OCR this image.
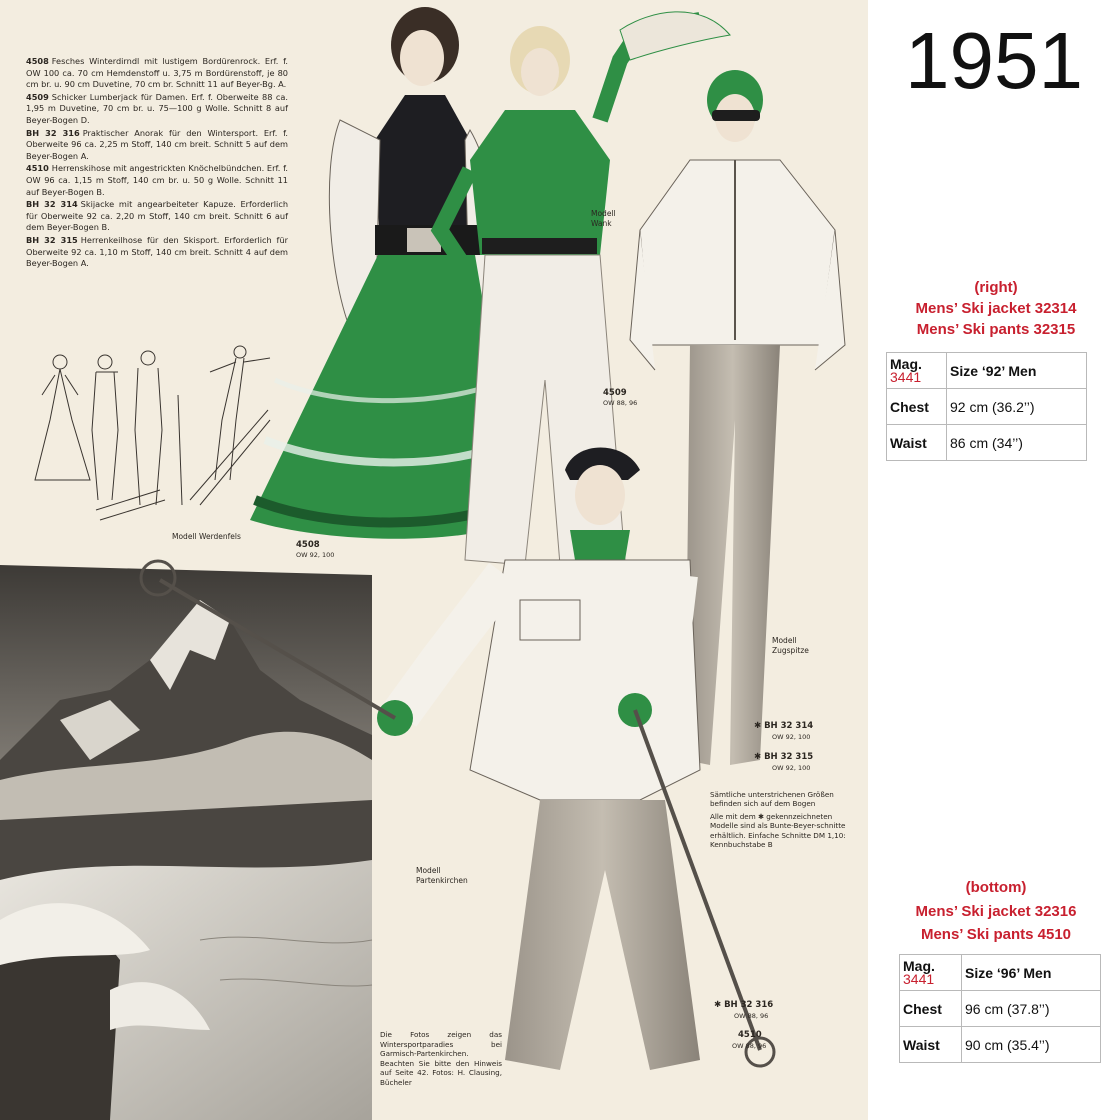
4508 Fesches Winterdirndl mit lustigem Bordürenrock. Erf. f. OW 100 ca. 70 cm Hemdenstoff u. 3,75 m Bordürenstoff, je 80 cm br. u. 90 cm Duvetine, 70 cm br. Schnitt 11 auf Beyer-Bg. A.
4509 Schicker Lumberjack für Damen. Erf. f. Oberweite 88 ca. 1,95 m Duvetine, 70 cm br. u. 75—100 g Wolle. Schnitt 8 auf Beyer-Bogen D.
BH 32 316 Praktischer Anorak für den Wintersport. Erf. f. Oberweite 96 ca. 2,25 m Stoff, 140 cm breit. Schnitt 5 auf dem Beyer-Bogen A.
4510 Herrenskihose mit angestrickten Knöchelbündchen. Erf. f. OW 96 ca. 1,15 m Stoff, 140 cm br. u. 50 g Wolle. Schnitt 11 auf Beyer-Bogen B.
BH 32 314 Skijacke mit angearbeiteter Kapuze. Erforderlich für Oberweite 92 ca. 2,20 m Stoff, 140 cm breit. Schnitt 6 auf dem Beyer-Bogen B.
BH 32 315 Herrenkeilhose für den Skisport. Erforderlich für Oberweite 92 ca. 1,10 m Stoff, 140 cm breit. Schnitt 4 auf dem Beyer-Bogen A.
Modell Werdenfels
Modell
Wank
Modell
Zugspitze
Modell
Partenkirchen
4508
OW 92, 100
4509
OW 88, 96
✱ BH 32 314
OW 92, 100
✱ BH 32 315
OW 92, 100
✱ BH 32 316
OW 88, 96
4510
OW 88, 96
Sämtliche unterstrichenen Größen befinden sich auf dem Bogen
Alle mit dem ✱ gekennzeichneten Modelle sind als Bunte-Beyer-schnitte erhältlich. Einfache Schnitte DM 1,10: Kennbuchstabe B
Die Fotos zeigen das Wintersportparadies bei Garmisch-Partenkirchen. Beachten Sie bitte den Hinweis auf Seite 42. Fotos: H. Clausing, Bücheler
1951
(right)
Mens’ Ski jacket 32314
Mens’ Ski pants 32315
Mag.
3441	Size ‘92’ Men
Chest	92 cm (36.2’’)
Waist	86 cm (34’’)
(bottom)
Mens’ Ski jacket 32316
Mens’ Ski pants 4510
Mag.
3441	Size ‘96’ Men
Chest	96 cm (37.8’’)
Waist	90 cm (35.4’’)
